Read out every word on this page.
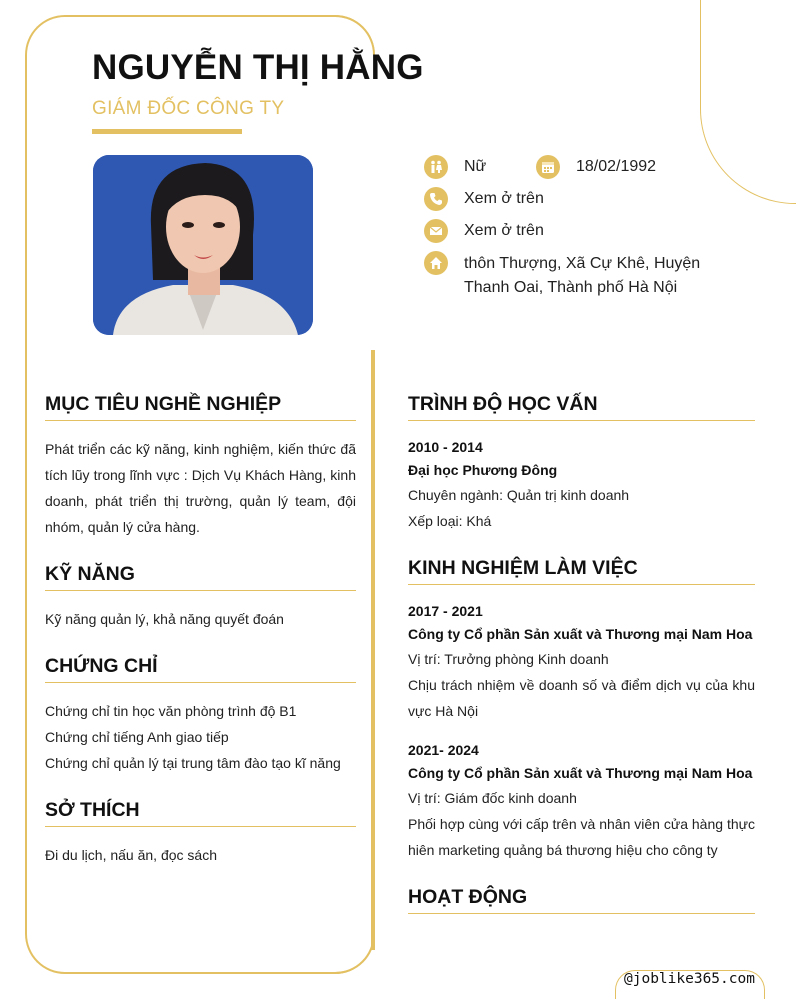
NGUYỄN THỊ HẰNG
GIÁM ĐỐC CÔNG TY
Nữ	18/02/1992
Xem ở trên
Xem ở trên
thôn Thượng, Xã Cự Khê, Huyện
Thanh Oai, Thành phố Hà Nội
MỤC TIÊU NGHỀ NGHIỆP
Phát triển các kỹ năng, kinh nghiệm, kiến thức đã tích lũy trong lĩnh vực : Dịch Vụ Khách Hàng, kinh doanh, phát triển thị trường, quản lý team, đội nhóm, quản lý cửa hàng.
KỸ NĂNG
Kỹ năng quản lý, khả năng quyết đoán
CHỨNG CHỈ
Chứng chỉ tin học văn phòng trình độ B1
Chứng chỉ tiếng Anh giao tiếp
Chứng chỉ quản lý tại trung tâm đào tạo kĩ năng
SỞ THÍCH
Đi du lịch, nấu ăn, đọc sách
TRÌNH ĐỘ HỌC VẤN
2010 - 2014
Đại học Phương Đông
Chuyên ngành: Quản trị kinh doanh
Xếp loại: Khá
KINH NGHIỆM LÀM VIỆC
2017 - 2021
Công ty Cổ phần Sản xuất và Thương mại Nam Hoa
Vị trí: Trưởng phòng Kinh doanh
Chịu trách nhiệm về doanh số và điểm dịch vụ của khu vực Hà Nội
2021- 2024
Công ty Cổ phần Sản xuất và Thương mại Nam Hoa
Vị trí: Giám đốc kinh doanh
Phối hợp cùng với cấp trên và nhân viên cửa hàng thực hiên marketing quảng bá thương hiệu cho công ty
HOẠT ĐỘNG
@joblike365.com
